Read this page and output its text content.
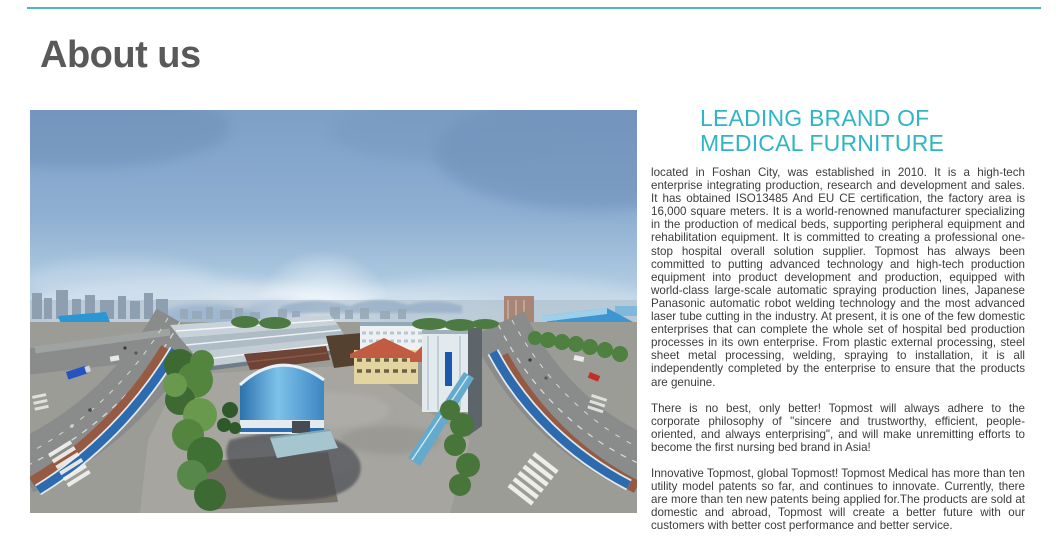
About us
LEADING BRAND OF
MEDICAL FURNITURE

located in Foshan City, was established in 2010. It is a high-tech enterprise integrating production, research and development and sales. It has obtained ISO13485 And EU CE certification, the factory area is 16,000 square meters. It is a world-renowned manufacturer specializing in the production of medical beds, supporting peripheral equipment and rehabilitation equipment. It is committed to creating a professional one-stop hospital overall solution supplier. Topmost has always been committed to putting advanced technology and high-tech production equipment into product development and production, equipped with world-class large-scale automatic spraying production lines, Japanese Panasonic automatic robot welding technology and the most advanced laser tube cutting in the industry. At present, it is one of the few domestic enterprises that can complete the whole set of hospital bed production processes in its own enterprise. From plastic external processing, steel sheet metal processing, welding, spraying to installation, it is all independently completed by the enterprise to ensure that the products are genuine.

There is no best, only better! Topmost will always adhere to the corporate philosophy of "sincere and trustworthy, efficient, people-oriented, and always enterprising", and will make unremitting efforts to become the first nursing bed brand in Asia!

Innovative Topmost, global Topmost! Topmost Medical has more than ten utility model patents so far, and continues to innovate. Currently, there are more than ten new patents being applied for.The products are sold at domestic and abroad, Topmost will create a better future with our customers with better cost performance and better service.
